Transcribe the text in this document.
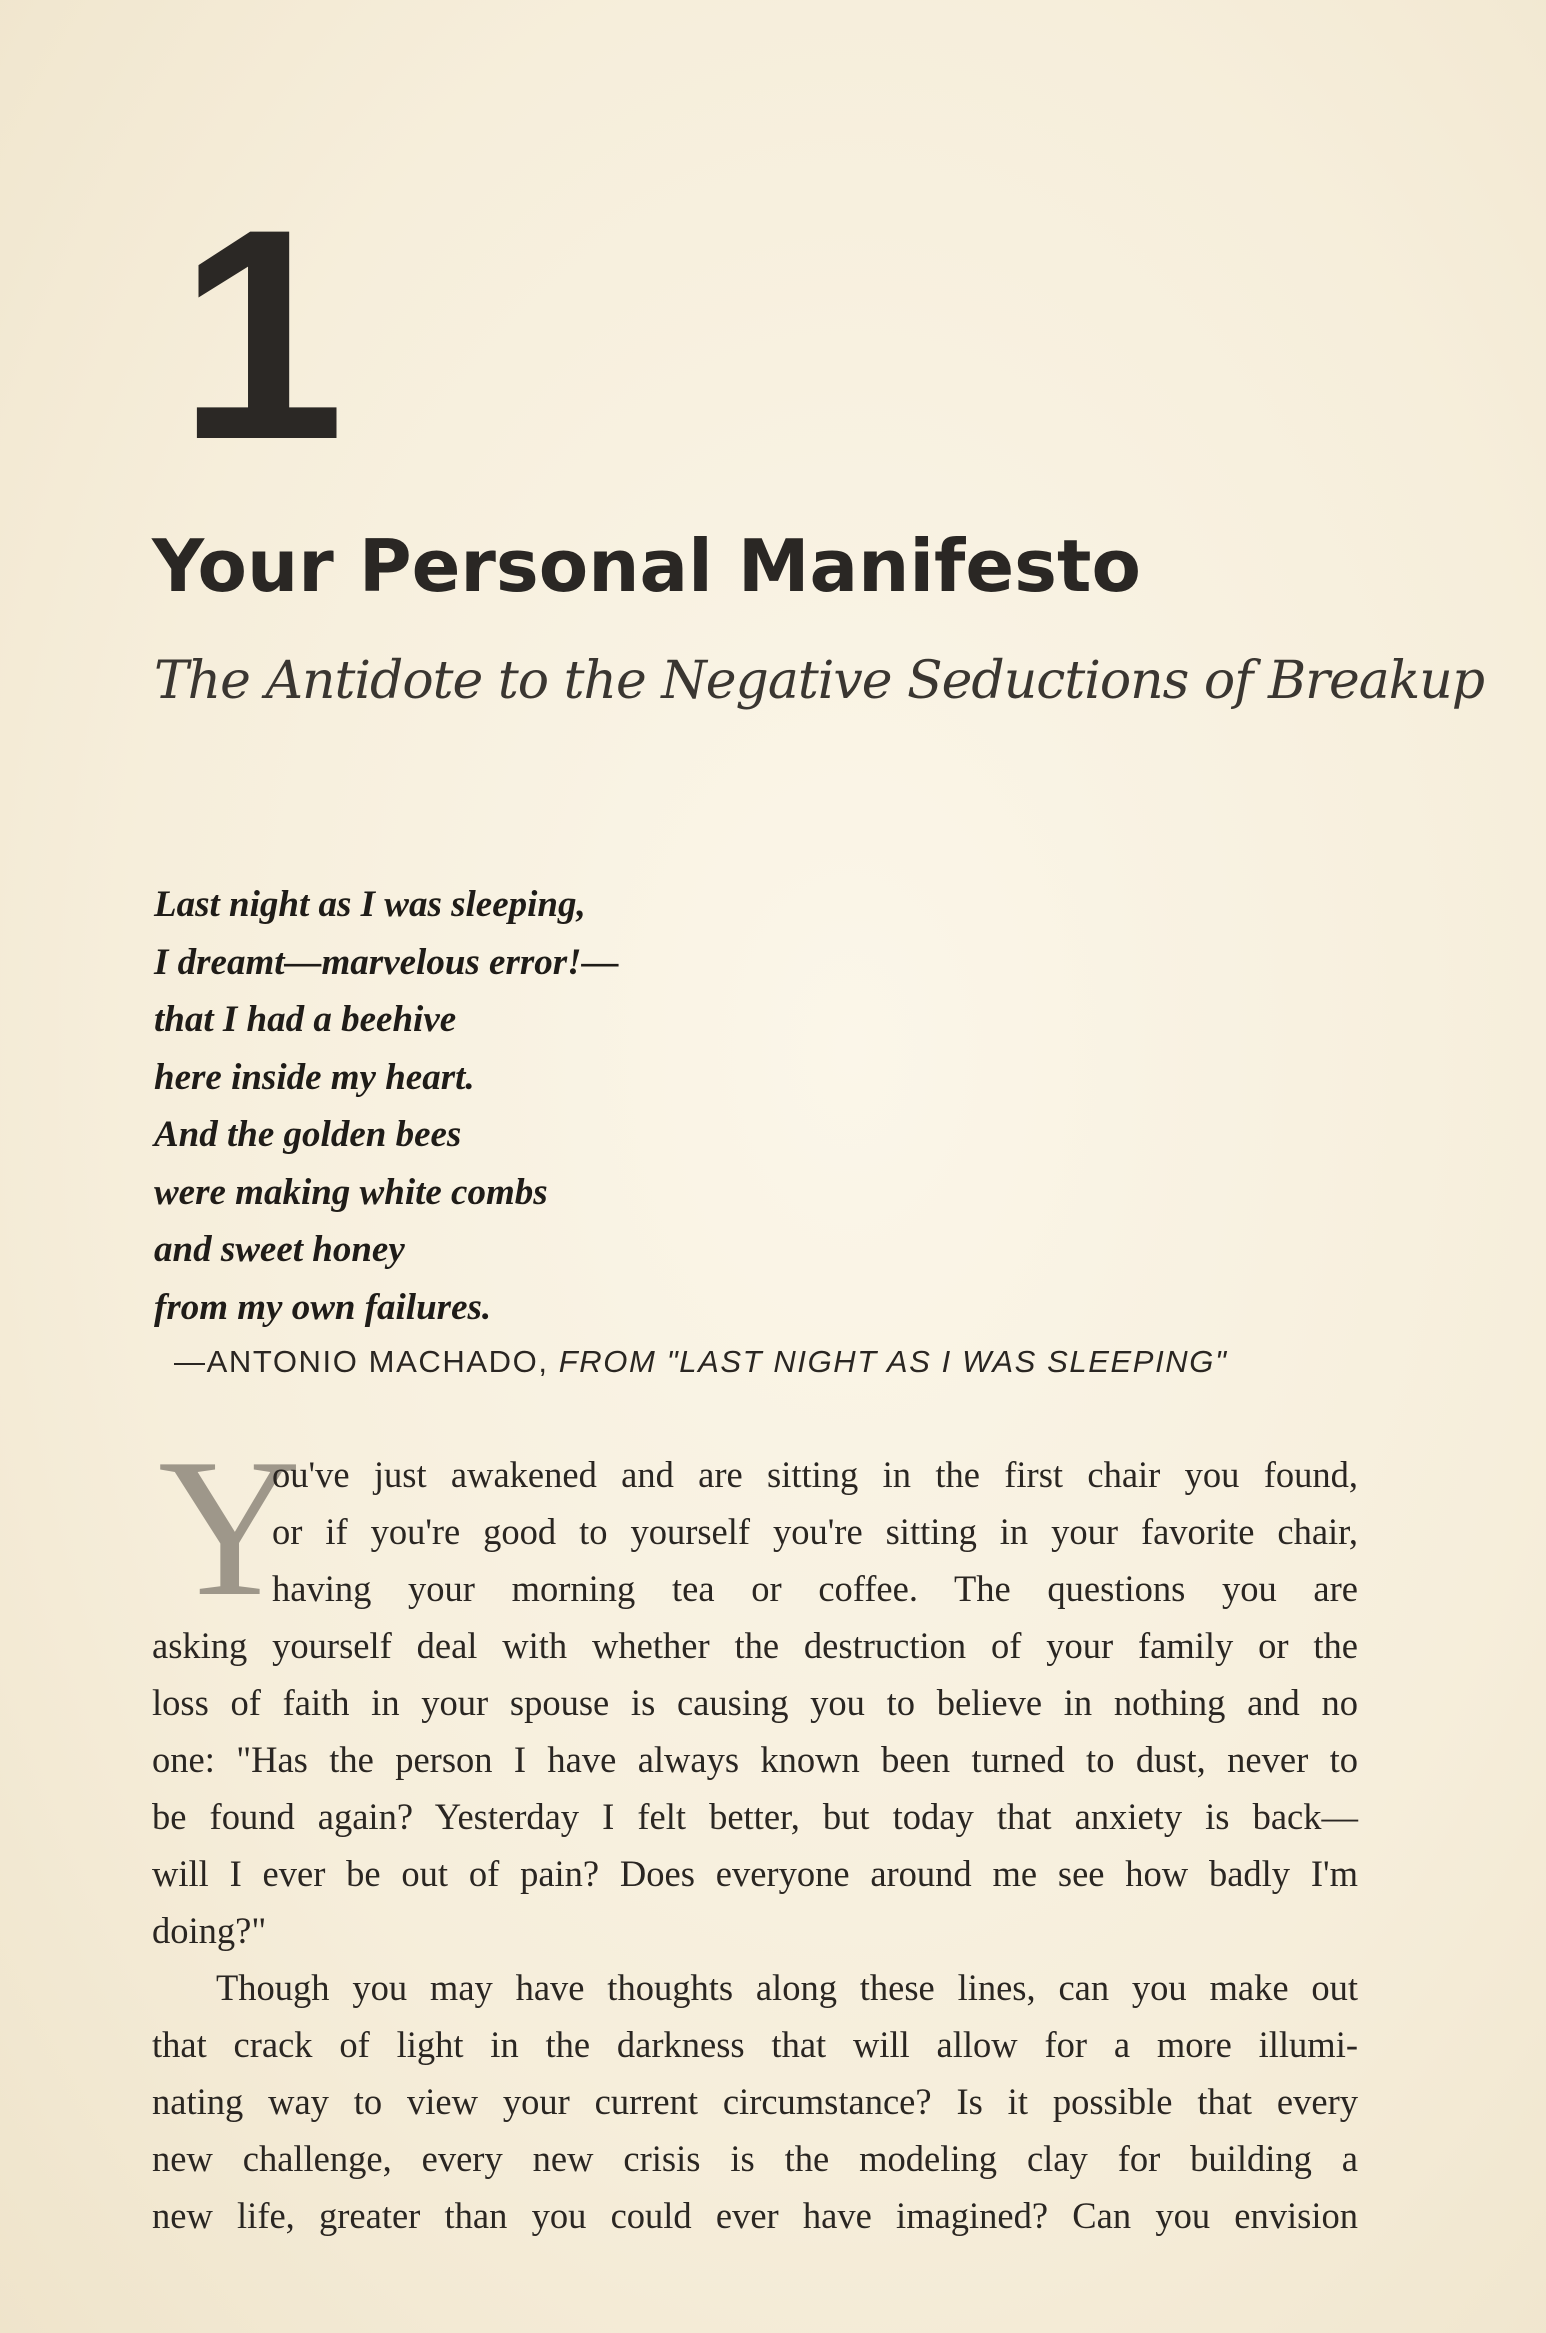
1
Your Personal Manifesto
The Antidote to the Negative Seductions of Breakup
Last night as I was sleeping,
I dreamt—marvelous error!—
that I had a beehive
here inside my heart.
And the golden bees
were making white combs
and sweet honey
from my own failures.
—ANTONIO MACHADO, FROM "LAST NIGHT AS I WAS SLEEPING"
Y
ou've just awakened and are sitting in the first chair you found,
or if you're good to yourself you're sitting in your favorite chair,
having your morning tea or coffee. The questions you are
asking yourself deal with whether the destruction of your family or the
loss of faith in your spouse is causing you to believe in nothing and no
one: "Has the person I have always known been turned to dust, never to
be found again? Yesterday I felt better, but today that anxiety is back—
will I ever be out of pain? Does everyone around me see how badly I'm
doing?"
Though you may have thoughts along these lines, can you make out
that crack of light in the darkness that will allow for a more illumi-
nating way to view your current circumstance? Is it possible that every
new challenge, every new crisis is the modeling clay for building a
new life, greater than you could ever have imagined? Can you envision
